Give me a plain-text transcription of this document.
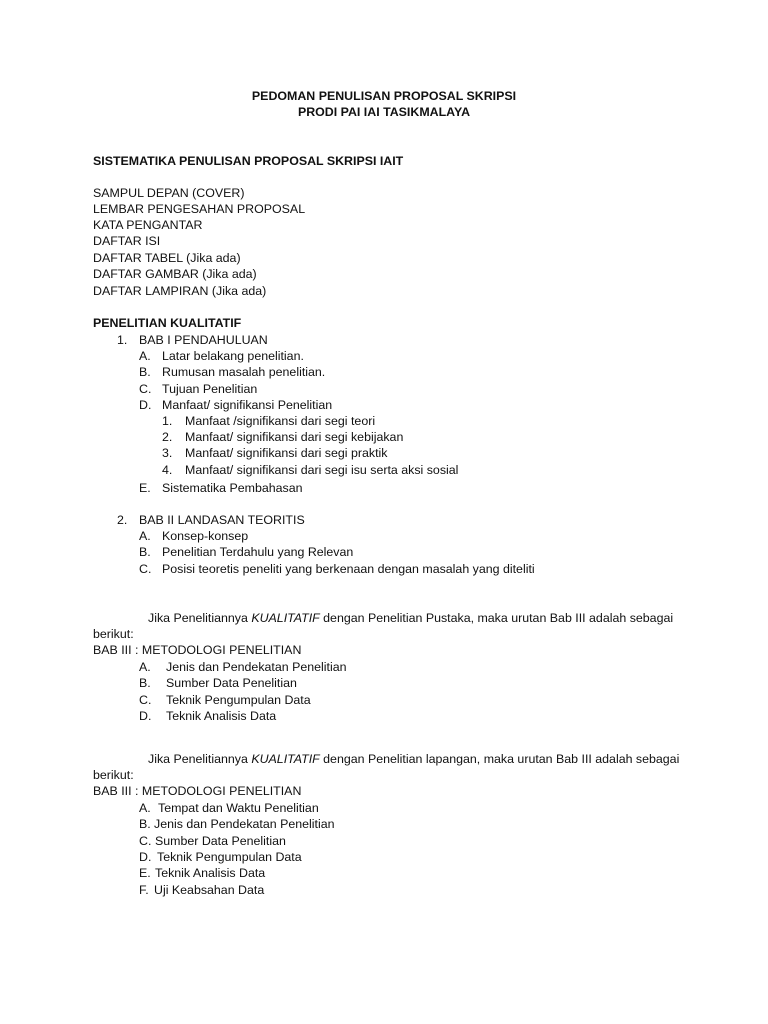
PEDOMAN PENULISAN PROPOSAL SKRIPSI
PRODI PAI IAI TASIKMALAYA
SISTEMATIKA PENULISAN PROPOSAL SKRIPSI IAIT
SAMPUL DEPAN (COVER)
LEMBAR PENGESAHAN PROPOSAL
KATA PENGANTAR
DAFTAR ISI
DAFTAR TABEL (Jika ada)
DAFTAR GAMBAR (Jika ada)
DAFTAR LAMPIRAN (Jika ada)
PENELITIAN KUALITATIF
1. BAB I PENDAHULUAN
A. Latar belakang penelitian.
B. Rumusan masalah penelitian.
C. Tujuan Penelitian
D. Manfaat/ signifikansi Penelitian
1. Manfaat /signifikansi dari segi teori
2. Manfaat/ signifikansi dari segi kebijakan
3. Manfaat/ signifikansi dari segi praktik
4. Manfaat/ signifikansi dari segi isu serta aksi sosial
E. Sistematika Pembahasan
2. BAB II LANDASAN TEORITIS
A. Konsep-konsep
B. Penelitian Terdahulu yang Relevan
C. Posisi teoretis peneliti yang berkenaan dengan masalah yang diteliti
Jika Penelitiannya KUALITATIF dengan Penelitian Pustaka, maka urutan Bab III adalah sebagai berikut:
BAB III : METODOLOGI PENELITIAN
A. Jenis dan Pendekatan Penelitian
B. Sumber Data Penelitian
C. Teknik Pengumpulan Data
D. Teknik Analisis Data
Jika Penelitiannya KUALITATIF dengan Penelitian lapangan, maka urutan Bab III adalah sebagai berikut:
BAB III : METODOLOGI PENELITIAN
A. Tempat dan Waktu Penelitian
B. Jenis dan Pendekatan Penelitian
C. Sumber Data Penelitian
D. Teknik Pengumpulan Data
E. Teknik Analisis Data
F. Uji Keabsahan Data
